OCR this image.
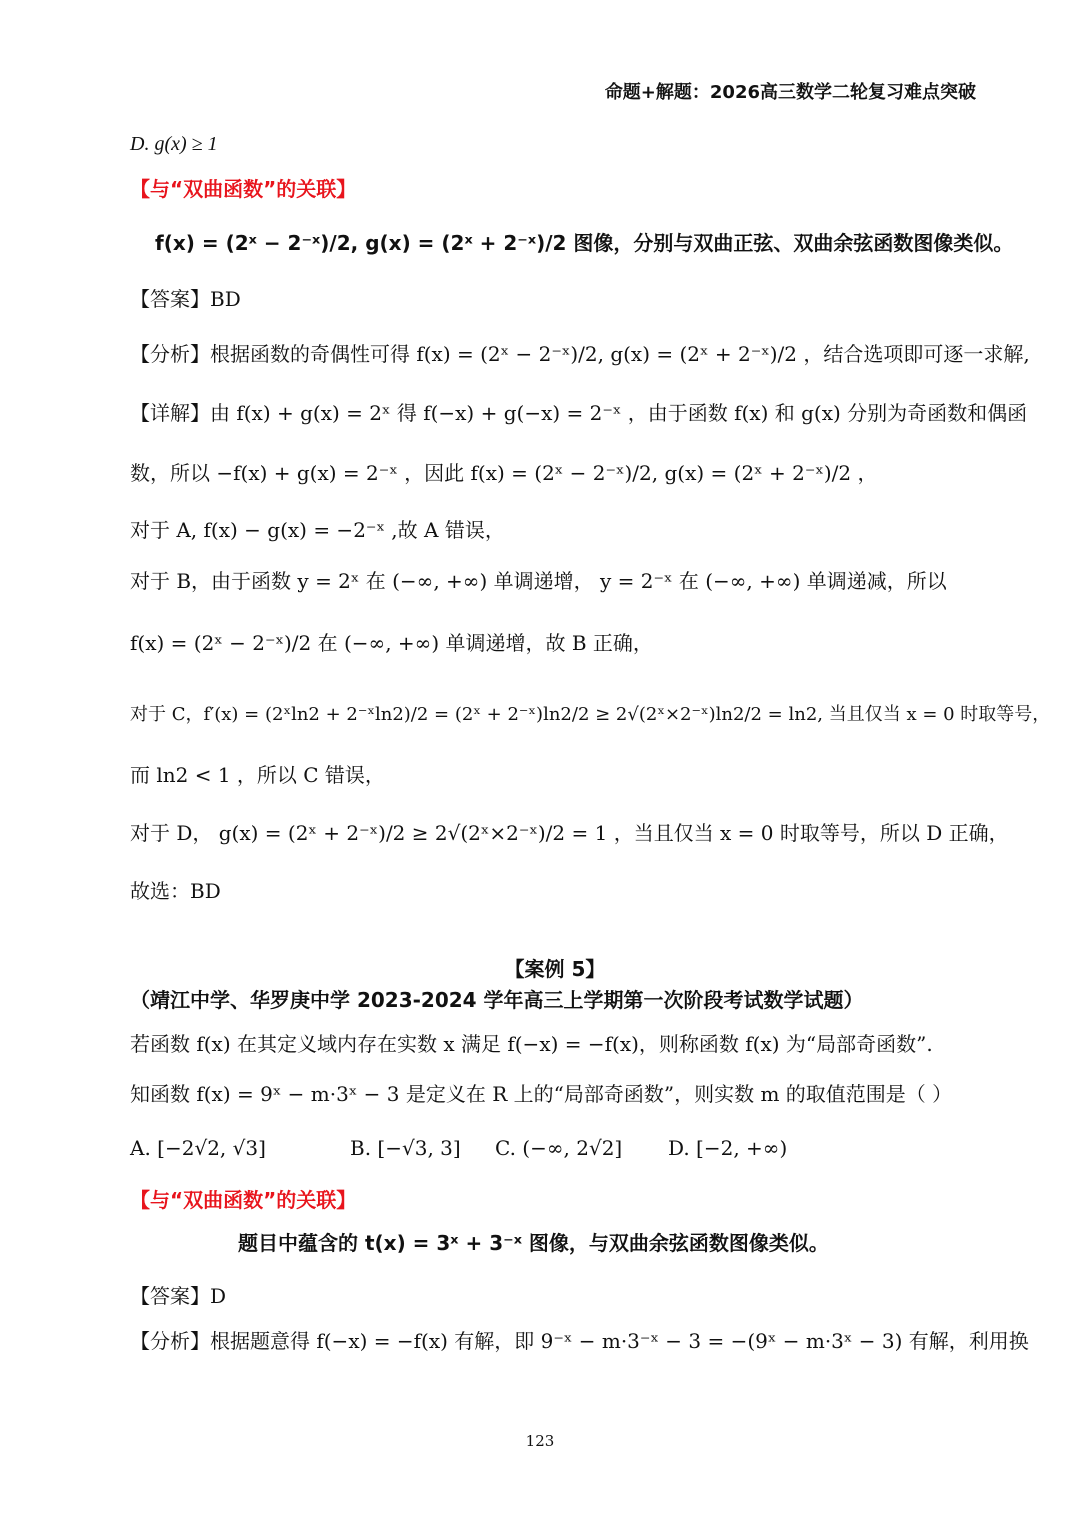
命题+解题：2026高三数学二轮复习难点突破
D. g(x) ≥ 1
【与“双曲函数”的关联】
f(x) = (2ˣ − 2⁻ˣ)/2, g(x) = (2ˣ + 2⁻ˣ)/2 图像，分别与双曲正弦、双曲余弦函数图像类似。
【答案】BD
【分析】根据函数的奇偶性可得 f(x) = (2ˣ − 2⁻ˣ)/2, g(x) = (2ˣ + 2⁻ˣ)/2 ，结合选项即可逐一求解,
【详解】由 f(x) + g(x) = 2ˣ 得 f(−x) + g(−x) = 2⁻ˣ ，由于函数 f(x) 和 g(x) 分别为奇函数和偶函
数，所以 −f(x) + g(x) = 2⁻ˣ ，因此 f(x) = (2ˣ − 2⁻ˣ)/2, g(x) = (2ˣ + 2⁻ˣ)/2 ，
对于 A, f(x) − g(x) = −2⁻ˣ ,故 A 错误，
对于 B，由于函数 y = 2ˣ 在 (−∞, +∞) 单调递增， y = 2⁻ˣ 在 (−∞, +∞) 单调递减，所以
f(x) = (2ˣ − 2⁻ˣ)/2 在 (−∞, +∞) 单调递增，故 B 正确，
对于 C，f′(x) = (2ˣln2 + 2⁻ˣln2)/2 = (2ˣ + 2⁻ˣ)ln2/2 ≥ 2√(2ˣ×2⁻ˣ)ln2/2 = ln2, 当且仅当 x = 0 时取等号，
而 ln2 < 1 ，所以 C 错误，
对于 D， g(x) = (2ˣ + 2⁻ˣ)/2 ≥ 2√(2ˣ×2⁻ˣ)/2 = 1 ，当且仅当 x = 0 时取等号，所以 D 正确，
故选：BD
【案例 5】
（靖江中学、华罗庚中学 2023-2024 学年高三上学期第一次阶段考试数学试题）
若函数 f(x) 在其定义域内存在实数 x 满足 f(−x) = −f(x)，则称函数 f(x) 为“局部奇函数”.
知函数 f(x) = 9ˣ − m·3ˣ − 3 是定义在 R 上的“局部奇函数”，则实数 m 的取值范围是（ ）
A. [−2√2, √3]	B. [−√3, 3] C. (−∞, 2√2] D. [−2, +∞)
【与“双曲函数”的关联】
题目中蕴含的 t(x) = 3ˣ + 3⁻ˣ 图像，与双曲余弦函数图像类似。
【答案】D
【分析】根据题意得 f(−x) = −f(x) 有解，即 9⁻ˣ − m·3⁻ˣ − 3 = −(9ˣ − m·3ˣ − 3) 有解，利用换
123
